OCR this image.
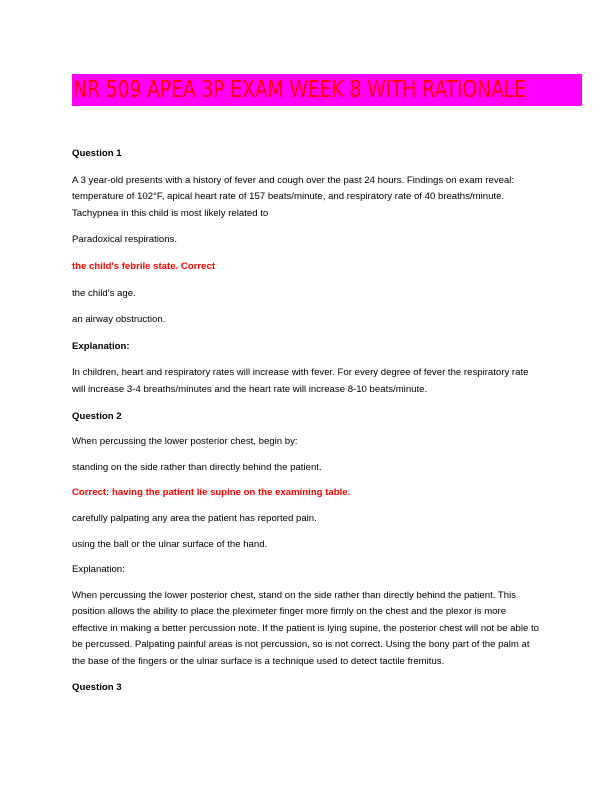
NR 509 APEA 3P EXAM WEEK 8 WITH RATIONALE

Question 1

A 3 year-old presents with a history of fever and cough over the past 24 hours. Findings on exam reveal: temperature of 102°F, apical heart rate of 157 beats/minute, and respiratory rate of 40 breaths/minute. Tachypnea in this child is most likely related to

Paradoxical respirations.

the child's febrile state. Correct

the child's age.

an airway obstruction.

Explanation:

In children, heart and respiratory rates will increase with fever. For every degree of fever the respiratory rate will increase 3-4 breaths/minutes and the heart rate will increase 8-10 beats/minute.

Question 2

When percussing the lower posterior chest, begin by:

standing on the side rather than directly behind the patient.

Correct: having the patient lie supine on the examining table.

carefully palpating any area the patient has reported pain.

using the ball or the ulnar surface of the hand.

Explanation:

When percussing the lower posterior chest, stand on the side rather than directly behind the patient. This position allows the ability to place the pleximeter finger more firmly on the chest and the plexor is more effective in making a better percussion note. If the patient is lying supine, the posterior chest will not be able to be percussed. Palpating painful areas is not percussion, so is not correct. Using the bony part of the palm at the base of the fingers or the ulnar surface is a technique used to detect tactile fremitus.

Question 3
